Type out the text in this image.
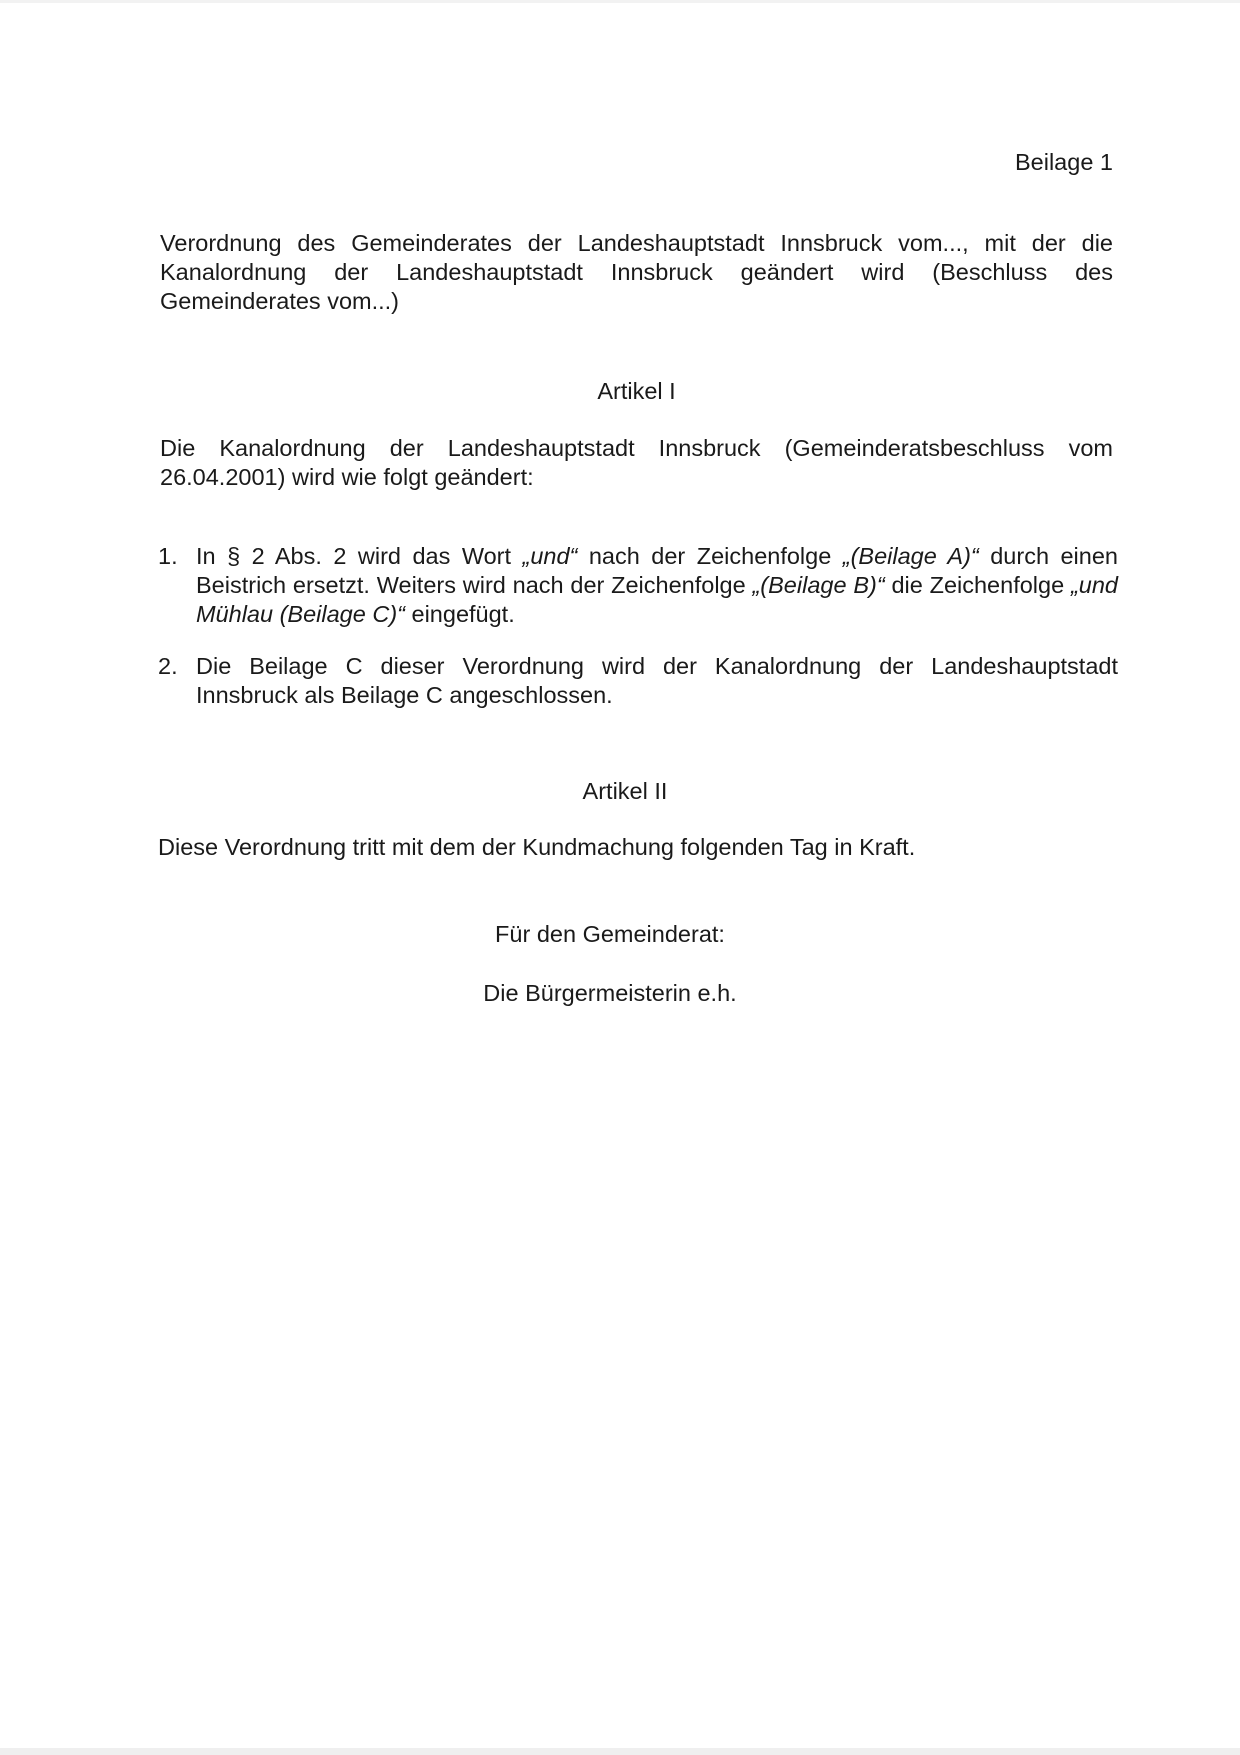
Beilage 1

Verordnung des Gemeinderates der Landeshauptstadt Innsbruck vom..., mit der die Kanalordnung der Landeshauptstadt Innsbruck geändert wird (Beschluss des Gemeinderates vom...)

Artikel I

Die Kanalordnung der Landeshauptstadt Innsbruck (Gemeinderatsbeschluss vom 26.04.2001) wird wie folgt geändert:

1. In § 2 Abs. 2 wird das Wort „und“ nach der Zeichenfolge „(Beilage A)“ durch einen Beistrich ersetzt. Weiters wird nach der Zeichenfolge „(Beilage B)“ die Zeichenfolge „und Mühlau (Beilage C)“ eingefügt.
2. Die Beilage C dieser Verordnung wird der Kanalordnung der Landeshauptstadt Innsbruck als Beilage C angeschlossen.

Artikel II

Diese Verordnung tritt mit dem der Kundmachung folgenden Tag in Kraft.

Für den Gemeinderat:

Die Bürgermeisterin e.h.
